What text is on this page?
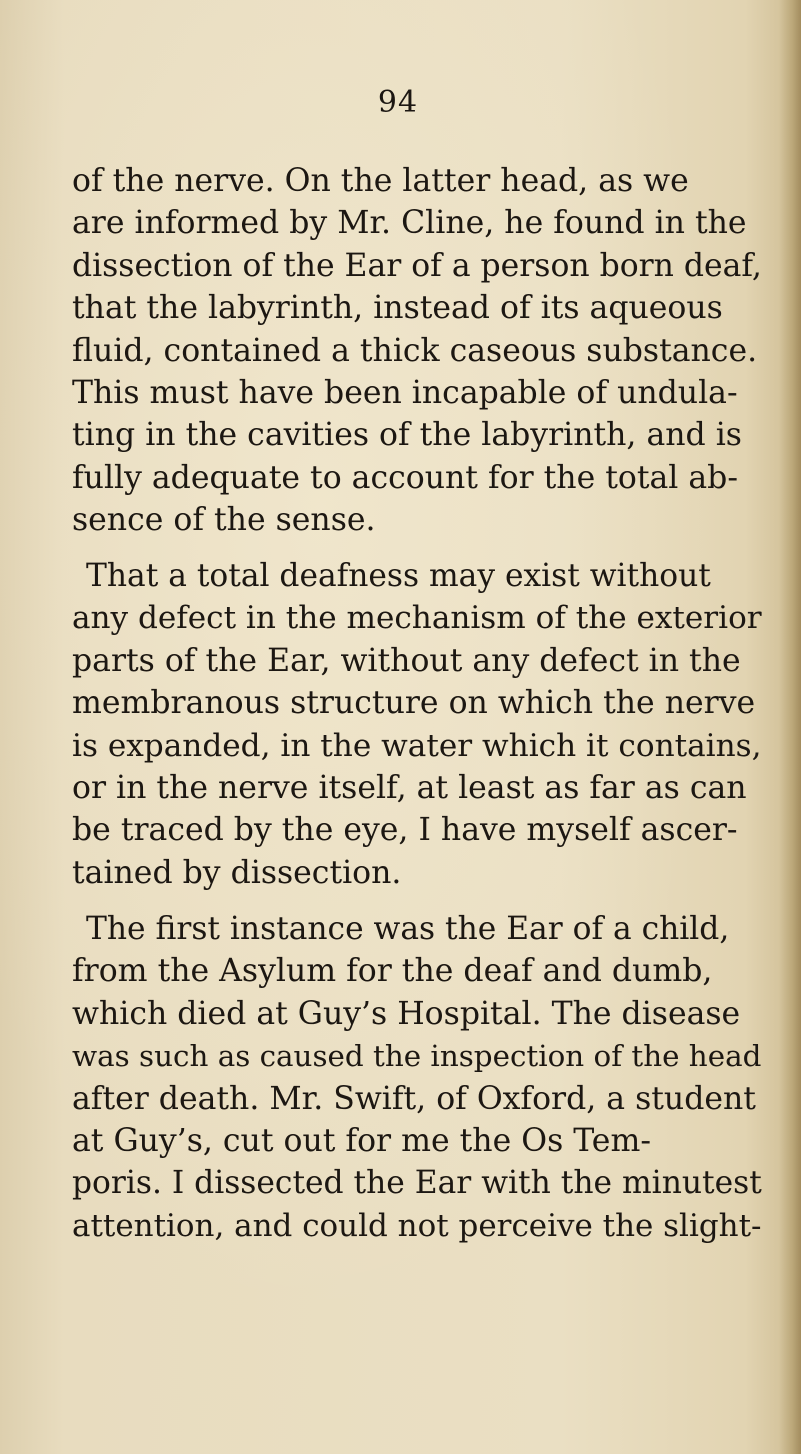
94

of the nerve. On the latter head, as we
are informed by Mr. Cline, he found in the
dissection of the Ear of a person born deaf,
that the labyrinth, instead of its aqueous
fluid, contained a thick caseous substance.
This must have been incapable of undula-
ting in the cavities of the labyrinth, and is
fully adequate to account for the total ab-
sence of the sense.

That a total deafness may exist without
any defect in the mechanism of the exterior
parts of the Ear, without any defect in the
membranous structure on which the nerve
is expanded, in the water which it contains,
or in the nerve itself, at least as far as can
be traced by the eye, I have myself ascer-
tained by dissection.

The first instance was the Ear of a child,
from the Asylum for the deaf and dumb,
which died at Guy’s Hospital. The disease
was such as caused the inspection of the head
after death. Mr. Swift, of Oxford, a student
at Guy’s, cut out for me the Os Tem-
poris. I dissected the Ear with the minutest
attention, and could not perceive the slight-
